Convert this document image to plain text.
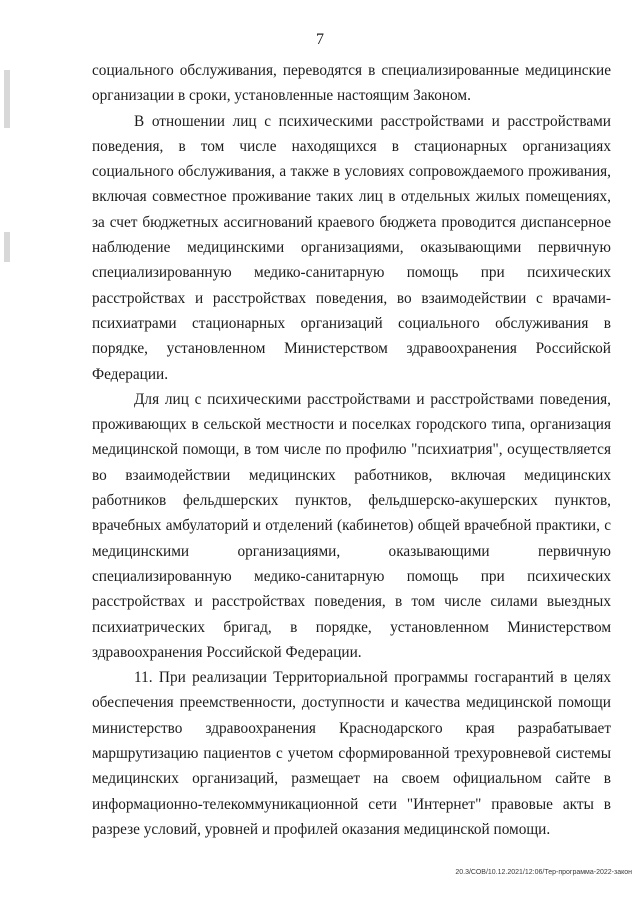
7

социального обслуживания, переводятся в специализированные медицинские организации в сроки, установленные настоящим Законом.

В отношении лиц с психическими расстройствами и расстройствами поведения, в том числе находящихся в стационарных организациях социального обслуживания, а также в условиях сопровождаемого проживания, включая совместное проживание таких лиц в отдельных жилых помещениях, за счет бюджетных ассигнований краевого бюджета проводится диспансерное наблюдение медицинскими организациями, оказывающими первичную специализированную медико-санитарную помощь при психических расстройствах и расстройствах поведения, во взаимодействии с врачами-психиатрами стационарных организаций социального обслуживания в порядке, установленном Министерством здравоохранения Российской Федерации.

Для лиц с психическими расстройствами и расстройствами поведения, проживающих в сельской местности и поселках городского типа, организация медицинской помощи, в том числе по профилю "психиатрия", осуществляется во взаимодействии медицинских работников, включая медицинских работников фельдшерских пунктов, фельдшерско-акушерских пунктов, врачебных амбулаторий и отделений (кабинетов) общей врачебной практики, с медицинскими организациями, оказывающими первичную специализированную медико-санитарную помощь при психических расстройствах и расстройствах поведения, в том числе силами выездных психиатрических бригад, в порядке, установленном Министерством здравоохранения Российской Федерации.

11. При реализации Территориальной программы госгарантий в целях обеспечения преемственности, доступности и качества медицинской помощи министерство здравоохранения Краснодарского края разрабатывает маршрутизацию пациентов с учетом сформированной трехуровневой системы медицинских организаций, размещает на своем официальном сайте в информационно-телекоммуникационной сети "Интернет" правовые акты в разрезе условий, уровней и профилей оказания медицинской помощи.

20.3/СОВ/10.12.2021/12:06/Тер-программа-2022-закон
